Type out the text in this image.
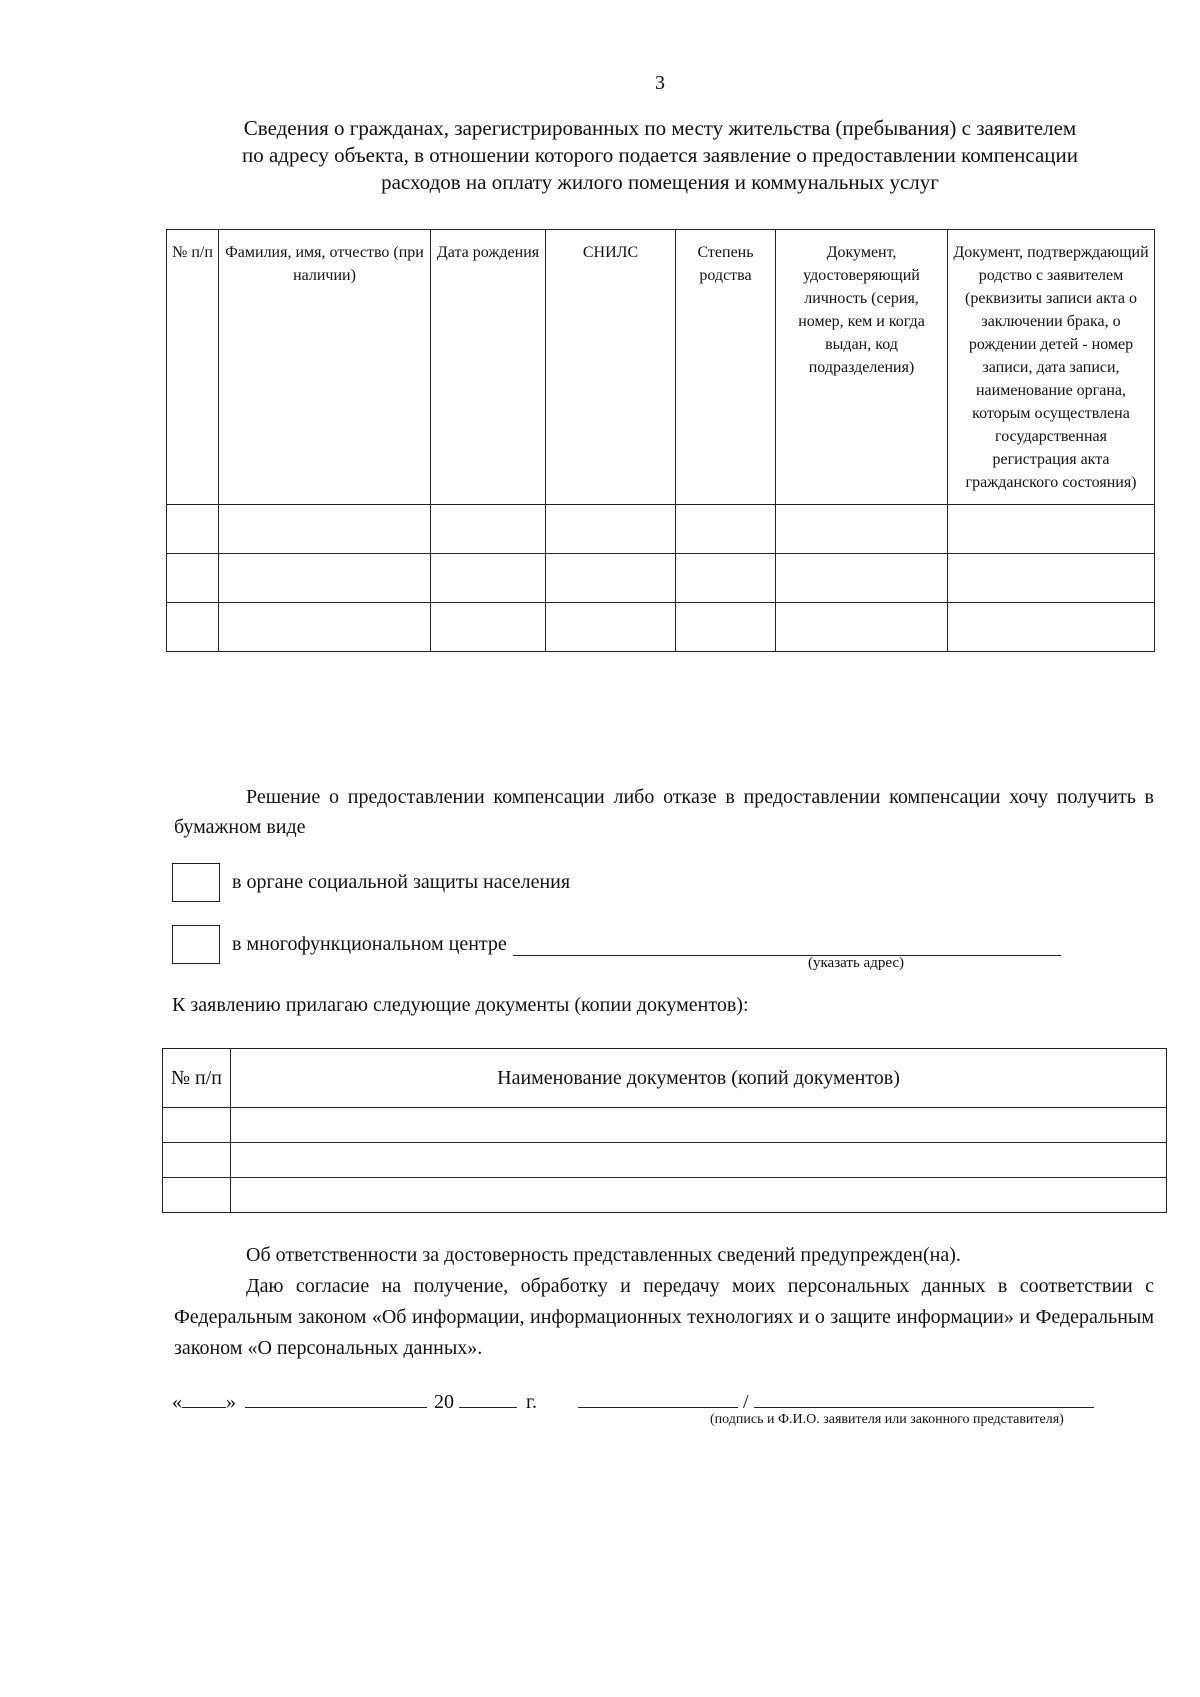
3
Сведения о гражданах, зарегистрированных по месту жительства (пребывания) с заявителем
по адресу объекта, в отношении которого подается заявление о предоставлении компенсации
расходов на оплату жилого помещения и коммунальных услуг
№ п/п	Фамилия, имя, отчество (при наличии)	Дата рождения	СНИЛС	Степень родства	Документ, удостоверяющий личность (серия, номер, кем и когда выдан, код подразделения)	Документ, подтверждающий родство с заявителем (реквизиты записи акта о заключении брака, о рождении детей - номер записи, дата записи, наименование органа, которым осуществлена государственная регистрация акта гражданского состояния)

Решение о предоставлении компенсации либо отказе в предоставлении компенсации хочу получить в бумажном виде
в органе социальной защиты населения
в многофункциональном центре
(указать адрес)
К заявлению прилагаю следующие документы (копии документов):
№ п/п	Наименование документов (копий документов)

Об ответственности за достоверность представленных сведений предупрежден(на).
Даю согласие на получение, обработку и передачу моих персональных данных в соответствии с Федеральным законом «Об информации, информационных технологиях и о защите информации» и Федеральным законом «О персональных данных».
« »	20	г.	/
(подпись и Ф.И.О. заявителя или законного представителя)
